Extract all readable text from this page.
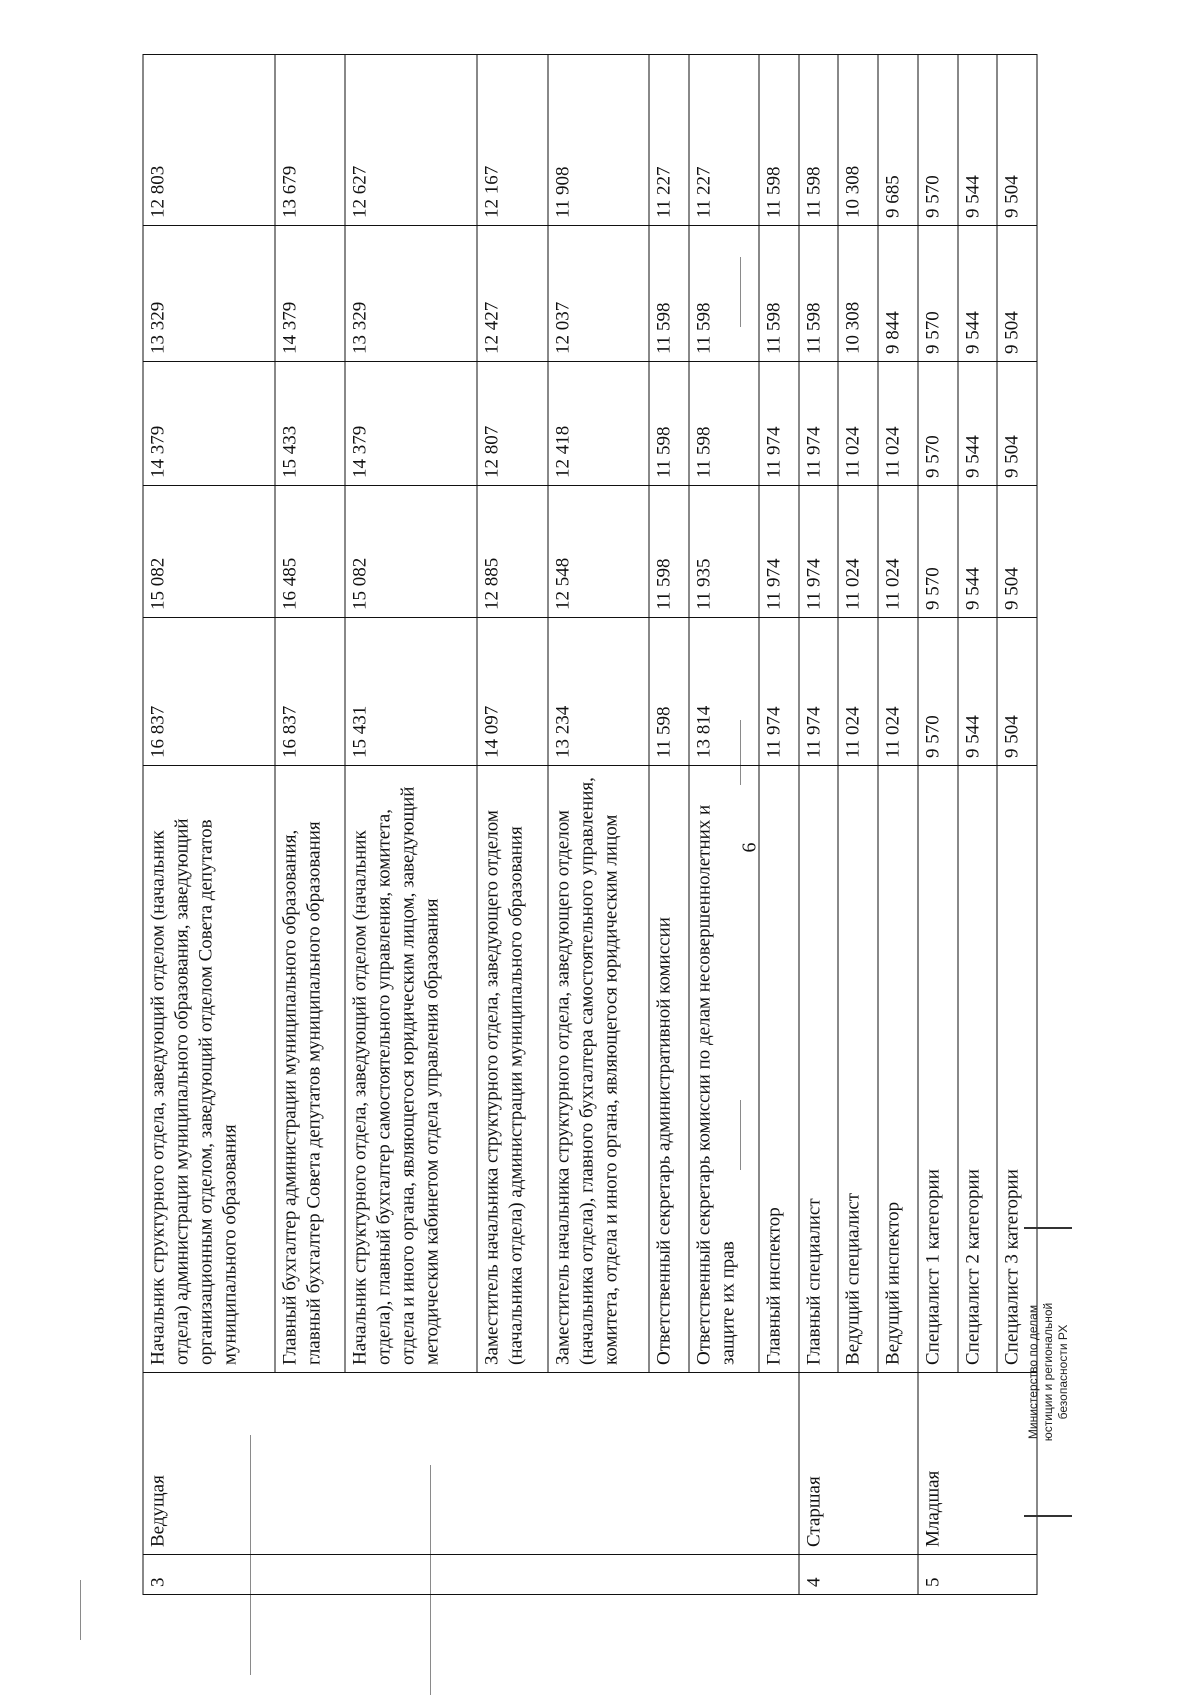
6
3	Ведущая	Начальник структурного отдела, заведующий отделом (начальник отдела) администрации муниципального образования, заведующий организационным отделом, заведующий отделом Совета депутатов муниципального образования	16 837	15 082	14 379	13 329	12 803
		Главный бухгалтер администрации муниципального образования, главный бухгалтер Совета депутатов муниципального образования	16 837	16 485	15 433	14 379	13 679
		Начальник структурного отдела, заведующий отделом (начальник отдела), главный бухгалтер самостоятельного управления, комитета, отдела и иного органа, являющегося юридическим лицом, заведующий методическим кабинетом отдела управления образования	15 431	15 082	14 379	13 329	12 627
		Заместитель начальника структурного отдела, заведующего отделом (начальника отдела) администрации муниципального образования	14 097	12 885	12 807	12 427	12 167
		Заместитель начальника структурного отдела, заведующего отделом (начальника отдела), главного бухгалтера самостоятельного управления, комитета, отдела и иного органа, являющегося юридическим лицом	13 234	12 548	12 418	12 037	11 908
		Ответственный секретарь административной комиссии	11 598	11 598	11 598	11 598	11 227
		Ответственный секретарь комиссии по делам несовершеннолетних и защите их прав	13 814	11 935	11 598	11 598	11 227
		Главный инспектор	11 974	11 974	11 974	11 598	11 598
4	Старшая	Главный специалист	11 974	11 974	11 974	11 598	11 598
		Ведущий специалист	11 024	11 024	11 024	10 308	10 308
		Ведущий инспектор	11 024	11 024	11 024	9 844	9 685
5	Младшая	Специалист 1 категории	9 570	9 570	9 570	9 570	9 570
		Специалист 2 категории	9 544	9 544	9 544	9 544	9 544
		Специалист 3 категории	9 504	9 504	9 504	9 504	9 504
Министерство по делам юстиции и региональной безопасности РХ
